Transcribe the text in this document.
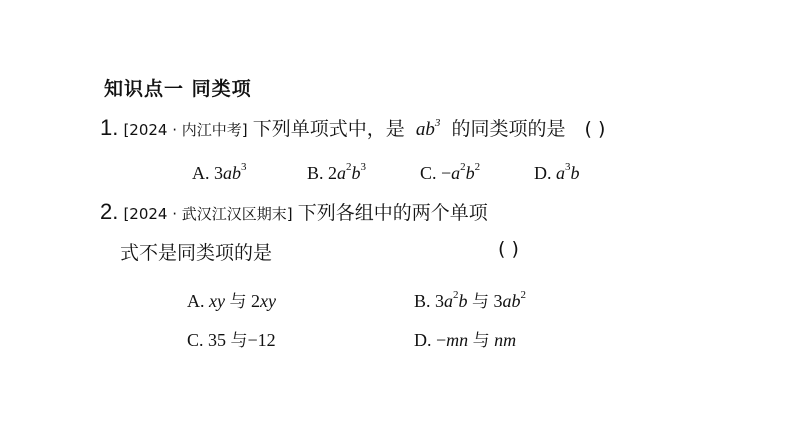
知识点一 同类项
1. [2024 · 内江中考] 下列单项式中，是 $ab^3$ 的同类项的是 ( )
A. $3ab^3$	B. $2a^2b^3$	C. $-a^2b^2$	D. $a^3b$
2. [2024 · 武汉江汉区期末] 下列各组中的两个单项
式不是同类项的是	( )
A. xy 与 2xy	B. $3a^2b$ 与 $3ab^2$
C. 35 与−12	D. −mn 与 nm
